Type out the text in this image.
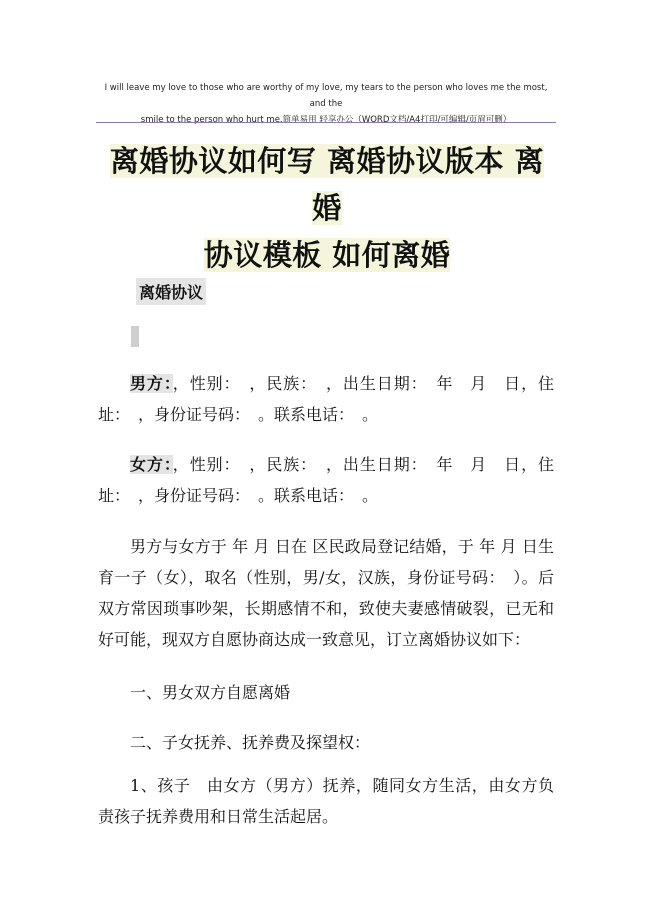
I will leave my love to those who are worthy of my love, my tears to the person who loves me the most, and the
smile to the person who hurt me.简单易用 轻享办公（WORD文档/A4打印/可编辑/页眉可删）
离婚协议如何写 离婚协议版本 离婚
协议模板 如何离婚
离婚协议
男方：，性别：　，民族：　，出生日期：　年　月　日，住址：　，身份证号码：　。联系电话：　。
女方：，性别：　，民族：　，出生日期：　年　月　日，住址：　，身份证号码：　。联系电话：　。
男方与女方于 年 月 日在 区民政局登记结婚，于 年 月 日生育一子（女），取名（性别，男/女，汉族，身份证号码：　）。后双方常因琐事吵架，长期感情不和，致使夫妻感情破裂，已无和好可能，现双方自愿协商达成一致意见，订立离婚协议如下：
一、男女双方自愿离婚
二、子女抚养、抚养费及探望权：
1、孩子　由女方（男方）抚养，随同女方生活，由女方负责孩子抚养费用和日常生活起居。
